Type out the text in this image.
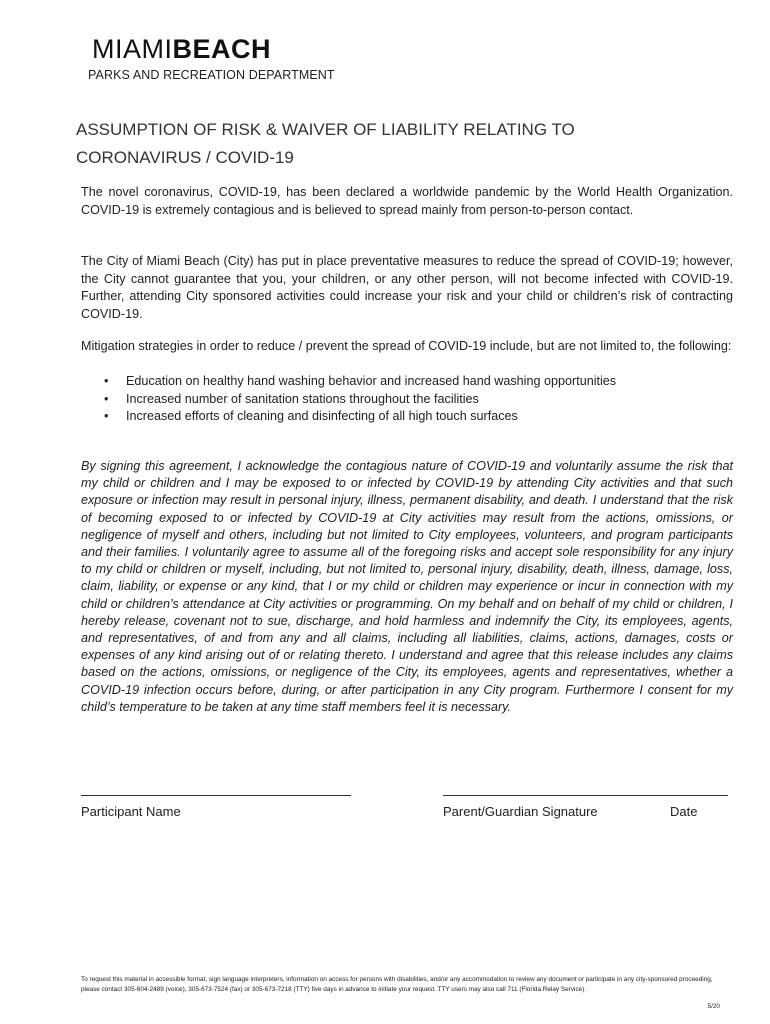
MIAMIBEACH
PARKS AND RECREATION DEPARTMENT
ASSUMPTION OF RISK & WAIVER OF LIABILITY RELATING TO
CORONAVIRUS / COVID-19
The novel coronavirus, COVID-19, has been declared a worldwide pandemic by the World Health Organization. COVID-19 is extremely contagious and is believed to spread mainly from person-to-person contact.
The City of Miami Beach (City) has put in place preventative measures to reduce the spread of COVID-19; however, the City cannot guarantee that you, your children, or any other person, will not become infected with COVID-19. Further, attending City sponsored activities could increase your risk and your child or children’s risk of contracting COVID-19.
Mitigation strategies in order to reduce / prevent the spread of COVID-19 include, but are not limited to, the following:
• Education on healthy hand washing behavior and increased hand washing opportunities
• Increased number of sanitation stations throughout the facilities
• Increased efforts of cleaning and disinfecting of all high touch surfaces
By signing this agreement, I acknowledge the contagious nature of COVID-19 and voluntarily assume the risk that my child or children and I may be exposed to or infected by COVID-19 by attending City activities and that such exposure or infection may result in personal injury, illness, permanent disability, and death. I understand that the risk of becoming exposed to or infected by COVID-19 at City activities may result from the actions, omissions, or negligence of myself and others, including but not limited to City employees, volunteers, and program participants and their families. I voluntarily agree to assume all of the foregoing risks and accept sole responsibility for any injury to my child or children or myself, including, but not limited to, personal injury, disability, death, illness, damage, loss, claim, liability, or expense or any kind, that I or my child or children may experience or incur in connection with my child or children’s attendance at City activities or programming. On my behalf and on behalf of my child or children, I hereby release, covenant not to sue, discharge, and hold harmless and indemnify the City, its employees, agents, and representatives, of and from any and all claims, including all liabilities, claims, actions, damages, costs or expenses of any kind arising out of or relating thereto. I understand and agree that this release includes any claims based on the actions, omissions, or negligence of the City, its employees, agents and representatives, whether a COVID-19 infection occurs before, during, or after participation in any City program. Furthermore I consent for my child’s temperature to be taken at any time staff members feel it is necessary.
Participant Name	Parent/Guardian Signature	Date
To request this material in accessible format, sign language interpreters, information on access for persons with disabilities, and/or any accommodation to review any document or participate in any city-sponsored proceeding, please contact 305-604-2489 (voice), 305-673-7524 (fax) or 305-673-7218 (TTY) five days in advance to initiate your request. TTY users may also call 711 (Florida Relay Service).
5/20
